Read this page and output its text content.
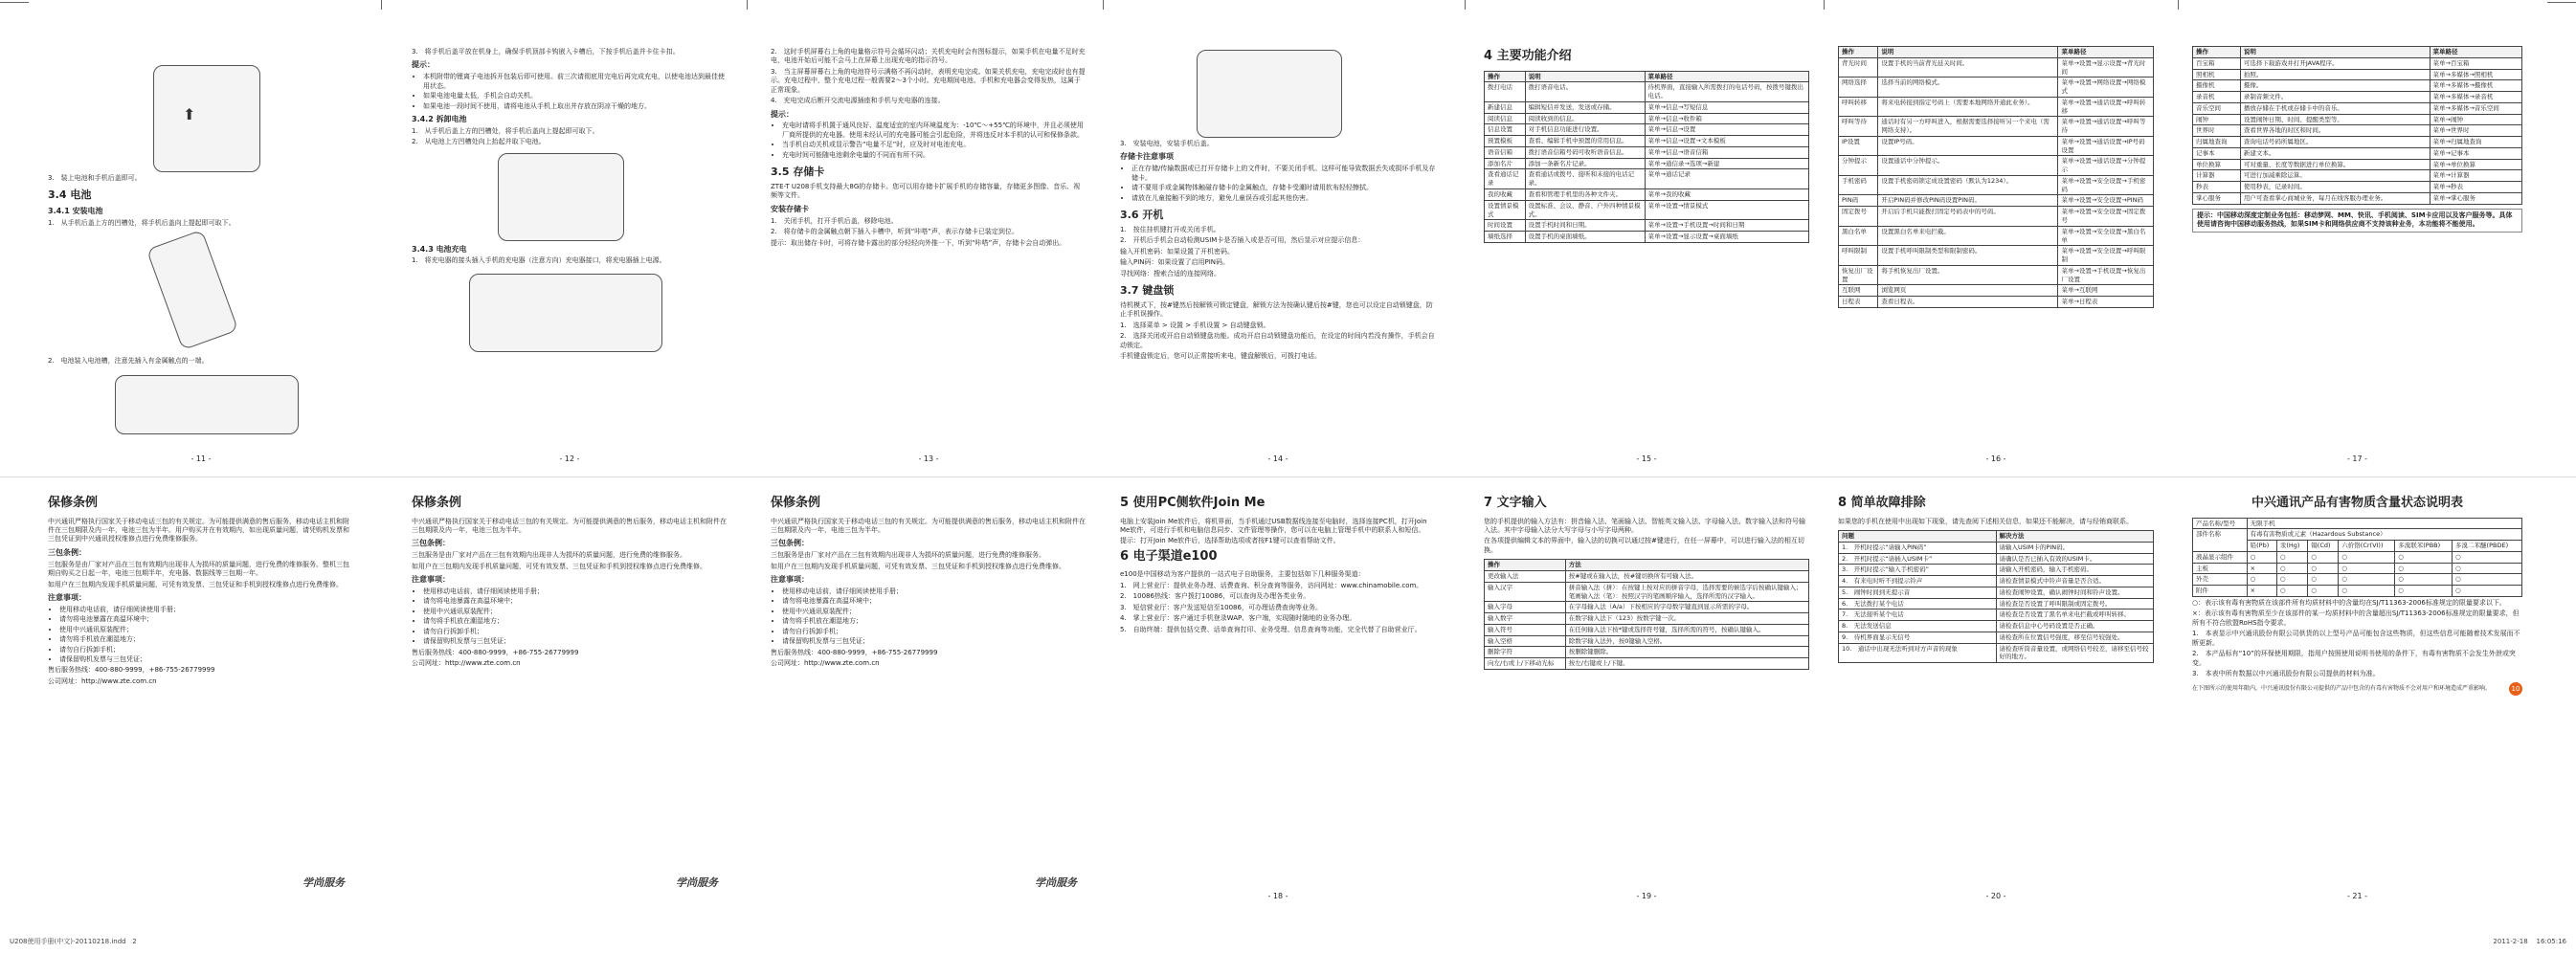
⬆

3.　装上电池和手机后盖即可。

3.4 电池
3.4.1 安装电池

1.　从手机后盖上方的凹槽处，将手机后盖向上提起即可取下。

2.　电池装入电池槽，注意先插入有金属触点的一端。

- 11 -

3.　将手机后盖平放在机身上，确保手机顶部卡钩嵌入卡槽后，下按手机后盖并卡住卡扣。

提示：
• 本机附带的锂离子电池拆开包装后即可使用。前三次请彻底用完电后再完成充电，以使电池达到最佳使用状态。
• 如果电池电量太低，手机会自动关机。
• 如果电池一段时间不使用，请将电池从手机上取出并存放在阴凉干燥的地方。
3.4.2 拆卸电池

1.　从手机后盖上方的凹槽处，将手机后盖向上提起即可取下。

2.　从电池上方凹槽处向上抬起并取下电池。

3.4.3 电池充电

1.　将充电器的接头插入手机的充电器（注意方向）充电器接口，将充电器插上电源。

- 12 -

2.　这时手机屏幕右上角的电量格示符号会循环闪动；关机充电时会有图标提示，如果手机在电量不足时充电，电池开始后可能不会马上在屏幕上出现充电的指示符号。

3.　当主屏幕屏幕右上角的电池符号示满格不再闪动时，表明充电完成。如果关机充电，充电完成时也有提示。充电过程中，整个充电过程一般需要2～3个小时。充电期间电池、手机和充电器会变得发热，这属于正常现象。

4.　充电完成后断开交流电源插座和手机与充电器的连接。

提示：
• 充电时请将手机置于通风良好、温度适宜的室内环境温度为：-10℃～+55℃的环境中，并且必须使用厂商所提供的充电器。使用未经认可的充电器可能会引起危险，并将违反对本手机的认可和保修条款。
• 当手机自动关机或显示警告“电量不足”时，应及时对电池充电。
• 充电时间可能随电池剩余电量的不同而有所不同。
3.5 存储卡

ZTE-T U208手机支持最大8G的存储卡。您可以用存储卡扩展手机的存储容量，存储更多图像、音乐、视频等文件。

安装存储卡

1.　关闭手机，打开手机后盖，移除电池。

2.　将存储卡的金属触点朝下插入卡槽中，听到“咔嗒”声，表示存储卡已装定到位。

提示：取出储存卡时，可将存储卡露出的部分轻轻向外推一下，听到“咔嗒”声，存储卡会自动弹出。

- 13 -

3.　安装电池，安装手机后盖。

存储卡注意事项
• 正在存储/传输数据或已打开存储卡上的文件时，不要关闭手机。这样可能导致数据丢失或损坏手机及存储卡。
• 请不要用手或金属物体触碰存储卡的金属触点，存储卡受潮时请用软布轻轻擦拭。
• 请放在儿童接触不到的地方，避免儿童误吞或引起其他伤害。
3.6 开机

1.　按住挂机键打开或关闭手机。

2.　开机后手机会自动检测USIM卡是否插入或是否可用，然后显示对应提示信息：

输入开机密码：如果设置了开机密码。

输入PIN码：如果设置了启用PIN码。

寻找网络：搜索合适的连接网络。

3.7 键盘锁

待机模式下，按#键然后按解锁可锁定键盘，解锁方法为按确认键后按#键，您也可以设定自动锁键盘，防止手机误操作。

1.　选择菜单 > 设置 > 手机设置 > 自动键盘锁。

2.　选择关闭或开启自动锁键盘功能。成功开启自动锁键盘功能后，在设定的时间内若没有操作，手机会自动锁定。

手机键盘锁定后，您可以正常接听来电，键盘解锁后，可拨打电话。

- 14 -
4 主要功能介绍
操作	说明	菜单路径
拨打电话	拨打语音电话。	待机界面，直接输入所需拨打的电话号码，按拨号键拨出电话。
新建信息	编辑短信并发送，发送或存储。	菜单→信息→写短信息
阅读信息	阅读收到的信息。	菜单→信息→收件箱
信息设置	对手机信息功能进行设置。	菜单→信息→设置
预置模板	查看、编辑手机中预置的常用信息。	菜单→信息→设置→文本模板
语音信箱	拨打语音信箱号码可收听语音信息。	菜单→信息→语音信箱
添加名片	添加一条新名片记录。	菜单→通信录→选项→新建
查看通话记录	查看通话或拨号、接听和未接的电话记录。	菜单→通话记录
我的收藏	查看和管理手机里的各种文件夹。	菜单→我的收藏
设置情景模式	设置标准、会议、静音、户外四种情景模式。	菜单→设置→情景模式
时间设置	设置手机时间和日期。	菜单→设置→手机设置→时间和日期
墙纸选择	设置手机的桌面墙纸。	菜单→设置→显示设置→桌面墙纸
- 15 -
操作	说明	菜单路径
背光时间	设置手机的当前背光延关时间。	菜单→设置→显示设置→背光时间
网络选择	选择当前的网络模式。	菜单→设置→网络设置→网络模式
呼叫转移	将来电转接到指定号码上（需要本地网络开通此业务）。	菜单→设置→通话设置→呼叫转移
呼叫等待	通话时有另一方呼叫进入，根据需要选择接听另一个来电（需网络支持）。	菜单→设置→通话设置→呼叫等待
IP设置	设置IP号码。	菜单→设置→通话设置→IP号码设置
分钟提示	设置通话中分钟提示。	菜单→设置→通话设置→分钟提示
手机密码	设置手机密码锁定成设置密码（默认为1234）。	菜单→设置→安全设置→手机密码
PIN码	开启PIN码并修改PIN码设置PIN码。	菜单→设置→安全设置→PIN码
固定拨号	开启后手机只能拨打固定号码表中的号码。	菜单→设置→安全设置→固定拨号
黑白名单	设置黑白名单来电拦截。	菜单→设置→安全设置→黑白名单
呼叫限制	设置手机呼叫限制类型和限制密码。	菜单→设置→安全设置→呼叫限制
恢复出厂设置	将手机恢复出厂设置。	菜单→设置→手机设置→恢复出厂设置
互联网	浏览网页	菜单→互联网
日程表	查看日程表。	菜单→日程表
- 16 -
操作	说明	菜单路径
百宝箱	可选择下载游戏并打开JAVA程序。	菜单→百宝箱
照相机	拍照。	菜单→多媒体→照相机
摄像机	摄像。	菜单→多媒体→摄像机
录音机	录制音频文件。	菜单→多媒体→录音机
音乐空间	播放存储在手机或存储卡中的音乐。	菜单→多媒体→音乐空间
闹钟	设置闹钟日期、时间、提醒类型等。	菜单→闹钟
世界时	查看世界各地的时区和时间。	菜单→世界时
归属地查询	查询电话号码所属地区。	菜单→归属地查询
记事本	新建文本。	菜单→记事本
单位换算	可对重量、长度等数据进行单位换算。	菜单→单位换算
计算器	可进行加减乘除运算。	菜单→计算器
秒表	使用秒表，记录时间。	菜单→秒表
掌心服务	用户可查看掌心商城业务，每月在线客服办理业务。	菜单→掌心服务

提示：中国移动深度定制业务包括：移动梦网、MM、快讯、手机阅读、SIM卡应用以及客户服务等。具体使用请咨询中国移动服务热线，如果SIM卡和网络供应商不支持该种业务，本功能将不能使用。

- 17 -
保修条例

中兴通讯严格执行国家关于移动电话三包的有关规定。为可能提供满意的售后服务，移动电话主机和附件在三包期限及内一年，电池三包为半年。用户购买并在有效期内，如出现质量问题，请凭购机发票和三包凭证到中兴通讯授权维修点进行免费维修服务。

三包条例：

三包服务是由厂家对产品在三包有效期内出现非人为损坏的质量问题，进行免费的维修服务。整机三包期自购买之日起一年，电池三包期半年，充电器、数据线等三包期一年。

如用户在三包期内发现手机质量问题，可凭有效发票、三包凭证和手机到授权维修点进行免费维修。

注意事项：
• 使用移动电话前，请仔细阅读使用手册；
• 请勿将电池暴露在高温环境中；
• 使用中兴通讯原装配件；
• 请勿将手机放在潮湿地方；
• 请勿自行拆卸手机；
• 请保留购机发票与三包凭证；

售后服务热线：400-880-9999，+86-755-26779999

公司网址：http://www.zte.com.cn

学尚服务
保修条例

中兴通讯严格执行国家关于移动电话三包的有关规定。为可能提供满意的售后服务，移动电话主机和附件在三包期限及内一年，电池三包为半年。

三包条例：

三包服务是由厂家对产品在三包有效期内出现非人为损坏的质量问题，进行免费的维修服务。

如用户在三包期内发现手机质量问题，可凭有效发票、三包凭证和手机到授权维修点进行免费维修。

注意事项：
• 使用移动电话前，请仔细阅读使用手册；
• 请勿将电池暴露在高温环境中；
• 使用中兴通讯原装配件；
• 请勿将手机放在潮湿地方；
• 请勿自行拆卸手机；
• 请保留购机发票与三包凭证；

售后服务热线：400-880-9999，+86-755-26779999

公司网址：http://www.zte.com.cn

学尚服务
保修条例

中兴通讯严格执行国家关于移动电话三包的有关规定。为可能提供满意的售后服务，移动电话主机和附件在三包期限及内一年，电池三包为半年。

三包条例：

三包服务是由厂家对产品在三包有效期内出现非人为损坏的质量问题，进行免费的维修服务。

如用户在三包期内发现手机质量问题，可凭有效发票、三包凭证和手机到授权维修点进行免费维修。

注意事项：
• 使用移动电话前，请仔细阅读使用手册；
• 请勿将电池暴露在高温环境中；
• 使用中兴通讯原装配件；
• 请勿将手机放在潮湿地方；
• 请勿自行拆卸手机；
• 请保留购机发票与三包凭证；

售后服务热线：400-880-9999，+86-755-26779999

公司网址：http://www.zte.com.cn

学尚服务
5 使用PC侧软件Join Me

电脑上安装Join Me软件后，将机界面，当手机通过USB数据线连接至电脑时，选择连接PC机，打开Join Me软件，可进行手机和电脑信息同步、文件管理等操作，您可以在电脑上管理手机中的联系人和短信。

提示：打开Join Me软件后，选择帮助选项或者按F1键可以查看帮助文件。

6 电子渠道e100

e100是中国移动为客户提供的一站式电子自助服务，主要包括如下几种服务渠道：

1.　网上营业厅：提供业务办理、话费查询、积分查询等服务，访问网址：www.chinamobile.com。

2.　10086热线：客户拨打10086，可以查询及办理各类业务。

3.　短信营业厅：客户发送短信至10086，可办理话费查询等业务。

4.　掌上营业厅：客户通过手机登录WAP、客户端，实现随时随地的业务办理。

5.　自助终端：提供包括交费、话单查询打印、业务受理、信息查询等功能，完全代替了自助营业厅。

- 18 -
7 文字输入

您的手机提供的输入方法有：拼音输入法、笔画输入法、智能英文输入法、字母输入法、数字输入法和符号输入法。其中字母输入法分大写字母与小写字母两种。

在各项提供编辑文本的界面中，输入法的切换可以通过按#键进行，在任一屏幕中，可以进行输入法的相互切换。

操作	方法
更改输入法	按#键或在输入法，按#键切换所有可输入法。
输入汉字	拼音输入法（拼）：在按键上按对应的拼音字母，选择需要的候选字后按确认键输入；笔画输入法（笔）：按照汉字的笔画顺序输入，选择所需的汉字输入。
输入字母	在字母输入法（A/a）下按相应的字母数字键直到显示所需的字母。
输入数字	在数字输入法下（123）按数字键一次。
输入符号	在任何输入法下按*键或选择符号键，选择所需的符号，按确认键输入。
输入空格	除数字输入法外，按0键输入空格。
删除字符	按删除键删除。
向左/右或上/下移动光标	按左/右键或上/下键。
- 19 -
8 简单故障排除

如果您的手机在使用中出现如下现象，请先查阅下述相关信息，如果还不能解决，请与经销商联系。

问题	解决方法
1.　开机时提示“请输入PIN码”	请输入USIM卡的PIN码。
2.　开机时提示“请插入USIM卡”	请确认是否已插入有效的USIM卡。
3.　开机时提示“输入手机密码”	请输入开机密码，输入手机密码。
4.　有来电时听不到提示铃声	请检查情景模式中铃声音量是否合适。
5.　闹钟时间到无提示音	请检查闹钟设置，确认闹钟时间和铃声设置。
6.　无法拨打某个电话	请检查是否设置了呼叫限制或固定拨号。
7.　无法接听某个电话	请检查是否设置了黑名单来电拦截或呼叫转移。
8.　无法发送信息	请检查信息中心号码设置是否正确。
9.　待机界面显示无信号	请检查所在位置信号强度，移至信号较强处。
10.　通话中出现无法听到对方声音的现象	请检查听筒音量设置，或网络信号较差，请移至信号较好的地方。
- 20 -
中兴通讯产品有害物质含量状态说明表
产品名称/型号	无限手机					
部件名称	有毒有害物质或元素（Hazardous Substance）					
	铅(Pb)	汞(Hg)	镉(Cd)	六价铬(Cr(VI))	多溴联苯(PBB)	多溴二苯醚(PBDE)
液晶显示组件	○	○	○	○	○	○
主板	×	○	○	○	○	○
外壳	○	○	○	○	○	○
附件	×	○	○	○	○	○

○：表示该有毒有害物质在该部件所有均质材料中的含量均在SJ/T11363-2006标准规定的限量要求以下。

×：表示该有毒有害物质至少在该部件的某一均质材料中的含量超出SJ/T11363-2006标准规定的限量要求，但所有不符合欧盟RoHS指令要求。

1.　本表显示中兴通讯股份有限公司供货的以上型号产品可能包含这些物质，但这些信息可能随着技术发展而不断更新。

2.　本产品标有“10”的环保使用期限，指用户按照使用说明书使用的条件下，有毒有害物质不会发生外泄或突变。

3.　本表中所有数据以中兴通讯股份有限公司提供的材料为准。

在下图所示的使用年限内，中兴通讯股份有限公司提供的产品中包含的有毒有害物质不会对用户和环境造成严重影响。	10
- 21 -
U208使用手册(中文)-20110218.indd   2	2011-2-18    16:05:16
